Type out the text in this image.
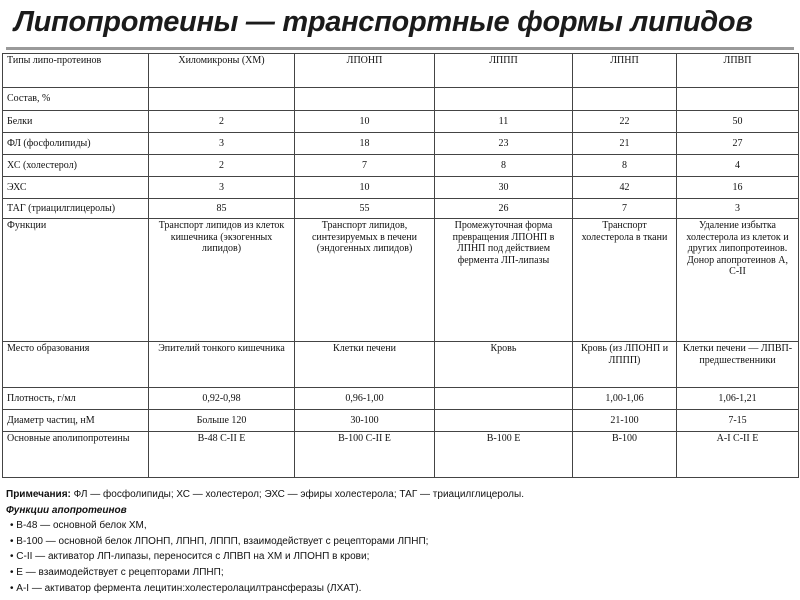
Липопротеины — транспортные формы липидов
Типы липо-протеинов	Хиломикроны (ХМ)	ЛПОНП	ЛППП	ЛПНП	ЛПВП
Состав, %					
Белки	2	10	11	22	50
ФЛ (фосфолипиды)	3	18	23	21	27
ХС (холестерол)	2	7	8	8	4
ЭХС	3	10	30	42	16
ТАГ (триацилглицеролы)	85	55	26	7	3
Функции	Транспорт липидов из клеток кишечника (экзогенных липидов)	Транспорт липидов, синтезируемых в печени (эндогенных липидов)	Промежуточная форма превращения ЛПОНП в ЛПНП под действием фермента ЛП-липазы	Транспорт холестерола в ткани	Удаление избытка холестерола из клеток и других липопротеинов. Донор апопротеинов А, С-II
Место образования	Эпителий тонкого кишечника	Клетки печени	Кровь	Кровь (из ЛПОНП и ЛППП)	Клетки печени — ЛПВП-предшественники
Плотность, г/мл	0,92-0,98	0,96-1,00		1,00-1,06	1,06-1,21
Диаметр частиц, нМ	Больше 120	30-100		21-100	7-15
Основные аполипопротеины	B-48 C-II E	B-100 C-II E	B-100 E	B-100	A-I C-II E
Примечания: ФЛ — фосфолипиды; ХС — холестерол; ЭХС — эфиры холестерола; ТАГ — триацилглицеролы.
Функции апопротеинов
• В-48 — основной белок ХМ,
• В-100 — основной белок ЛПОНП, ЛПНП, ЛППП, взаимодействует с рецепторами ЛПНП;
• С-II — активатор ЛП-липазы, переносится с ЛПВП на ХМ и ЛПОНП в крови;
• Е — взаимодействует с рецепторами ЛПНП;
• А-I — активатор фермента лецитин:холестеролацилтрансферазы (ЛХАТ).
